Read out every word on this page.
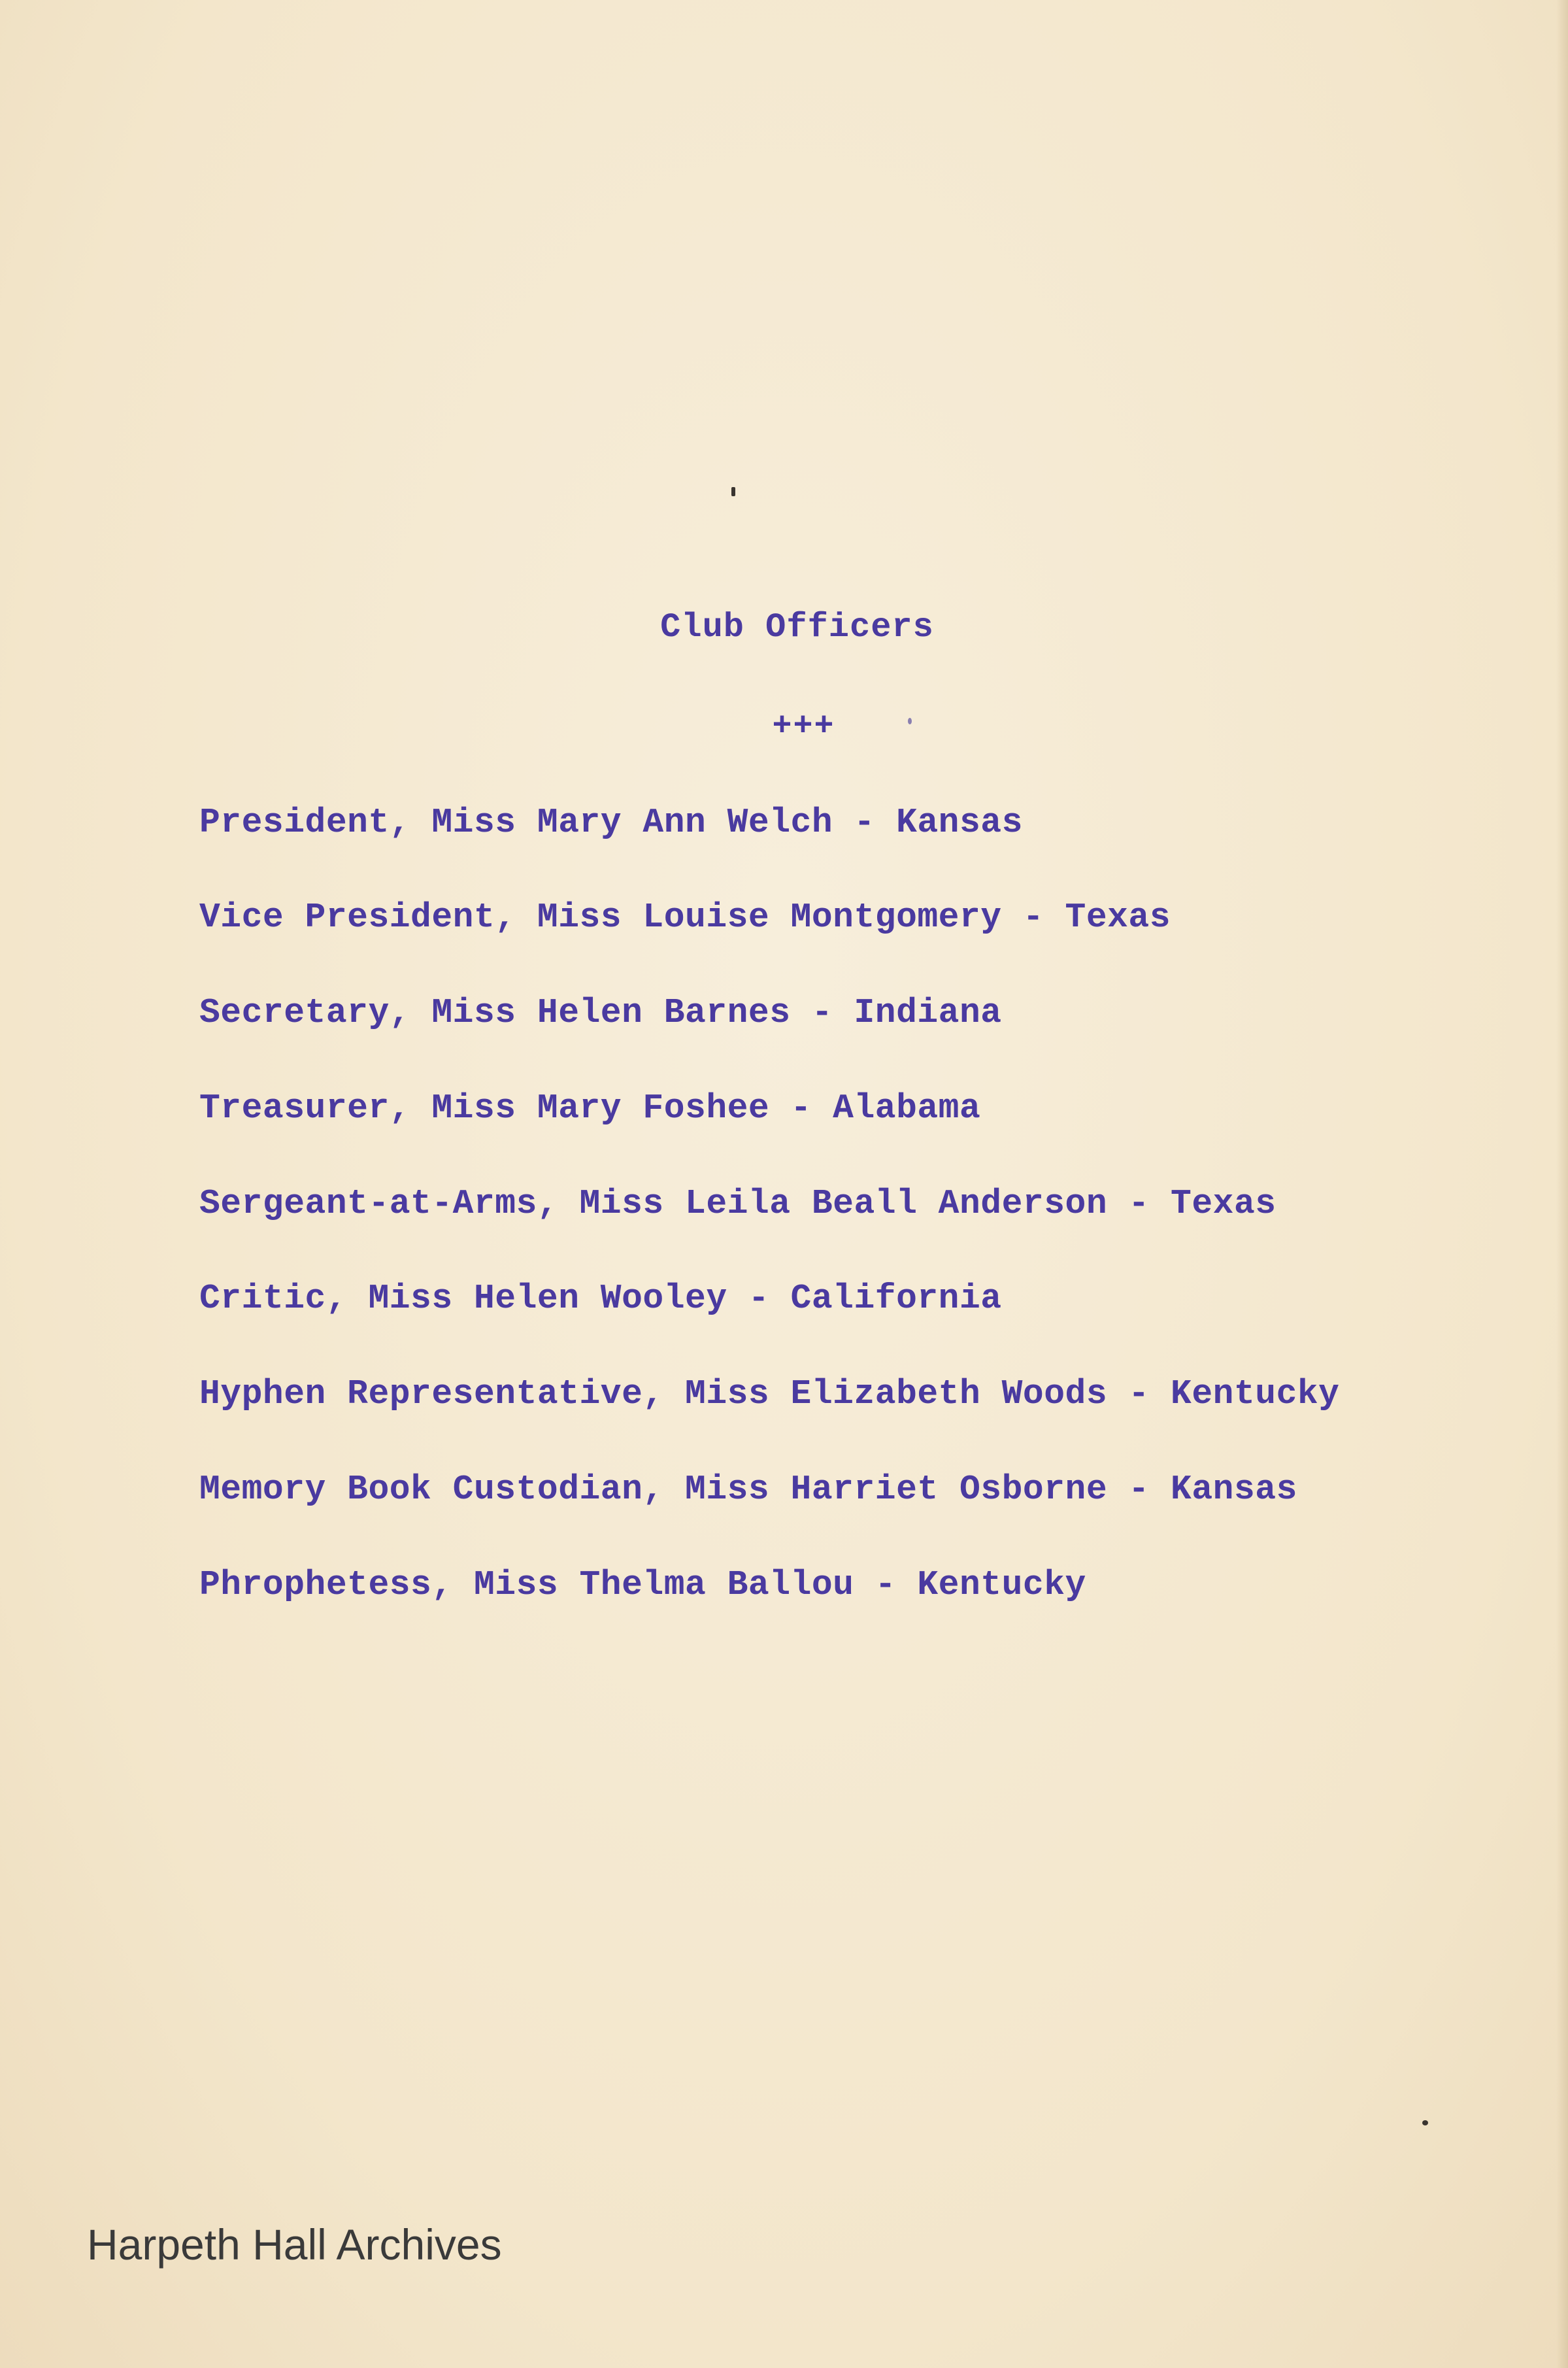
Club Officers

+++

President, Miss Mary Ann Welch - Kansas

Vice President, Miss Louise Montgomery - Texas

Secretary, Miss Helen Barnes - Indiana

Treasurer, Miss Mary Foshee - Alabama

Sergeant-at-Arms, Miss Leila Beall Anderson - Texas

Critic, Miss Helen Wooley - California

Hyphen Representative, Miss Elizabeth Woods - Kentucky

Memory Book Custodian, Miss Harriet Osborne - Kansas

Phrophetess, Miss Thelma Ballou - Kentucky

Harpeth Hall Archives
